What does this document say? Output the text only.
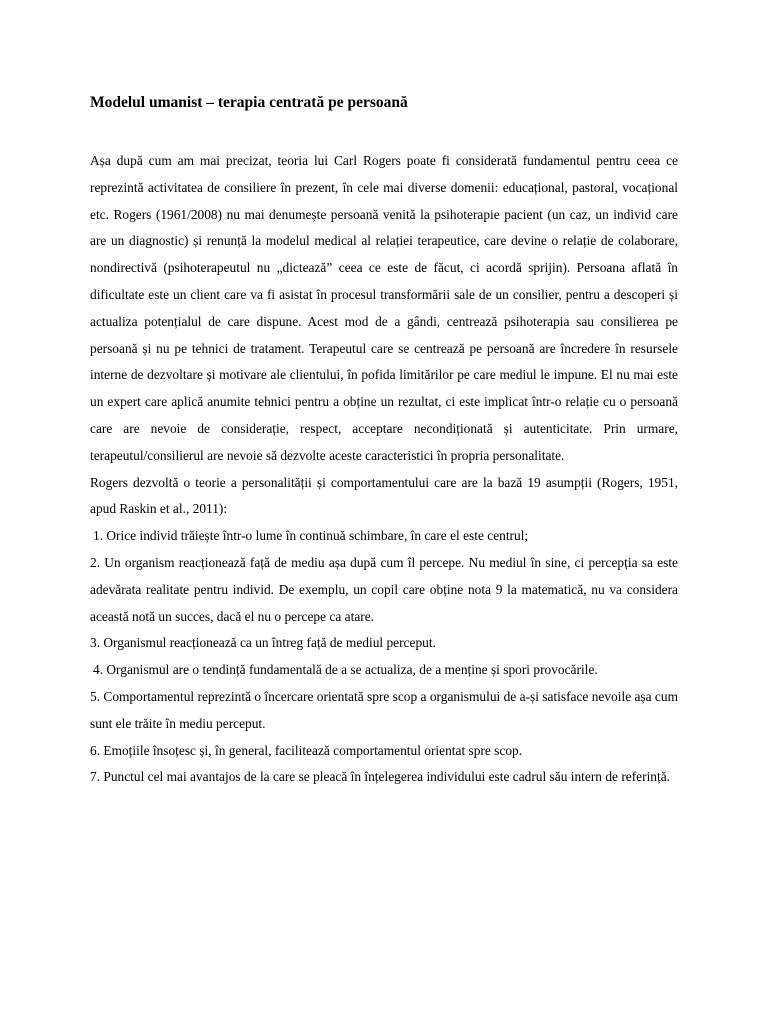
Modelul umanist – terapia centrată pe persoană

Așa după cum am mai precizat, teoria lui Carl Rogers poate fi considerată fundamentul pentru ceea ce reprezintă activitatea de consiliere în prezent, în cele mai diverse domenii: educațional, pastoral, vocațional etc. Rogers (1961/2008) nu mai denumește persoană venită la psihoterapie pacient (un caz, un individ care are un diagnostic) și renunță la modelul medical al relației terapeutice, care devine o relație de colaborare, nondirectivă (psihoterapeutul nu „dictează” ceea ce este de făcut, ci acordă sprijin). Persoana aflată în dificultate este un client care va fi asistat în procesul transformării sale de un consilier, pentru a descoperi și actualiza potențialul de care dispune. Acest mod de a gândi, centrează psihoterapia sau consilierea pe persoană și nu pe tehnici de tratament. Terapeutul care se centrează pe persoană are încredere în resursele interne de dezvoltare și motivare ale clientului, în pofida limitărilor pe care mediul le impune. El nu mai este un expert care aplică anumite tehnici pentru a obține un rezultat, ci este implicat într-o relație cu o persoană care are nevoie de considerație, respect, acceptare necondiționată și autenticitate. Prin urmare, terapeutul/consilierul are nevoie să dezvolte aceste caracteristici în propria personalitate.

Rogers dezvoltă o teorie a personalității și comportamentului care are la bază 19 asumpții (Rogers, 1951, apud Raskin et al., 2011):

1. Orice individ trăiește într-o lume în continuă schimbare, în care el este centrul;

2. Un organism reacționează față de mediu așa după cum îl percepe. Nu mediul în sine, ci percepția sa este adevărata realitate pentru individ. De exemplu, un copil care obține nota 9 la matematică, nu va considera această notă un succes, dacă el nu o percepe ca atare.

3. Organismul reacționează ca un întreg față de mediul perceput.

4. Organismul are o tendință fundamentală de a se actualiza, de a menține și spori provocările.

5. Comportamentul reprezintă o încercare orientată spre scop a organismului de a-și satisface nevoile așa cum sunt ele trăite în mediu perceput.

6. Emoțiile însoțesc și, în general, facilitează comportamentul orientat spre scop.

7. Punctul cel mai avantajos de la care se pleacă în înțelegerea individului este cadrul său intern de referință.
